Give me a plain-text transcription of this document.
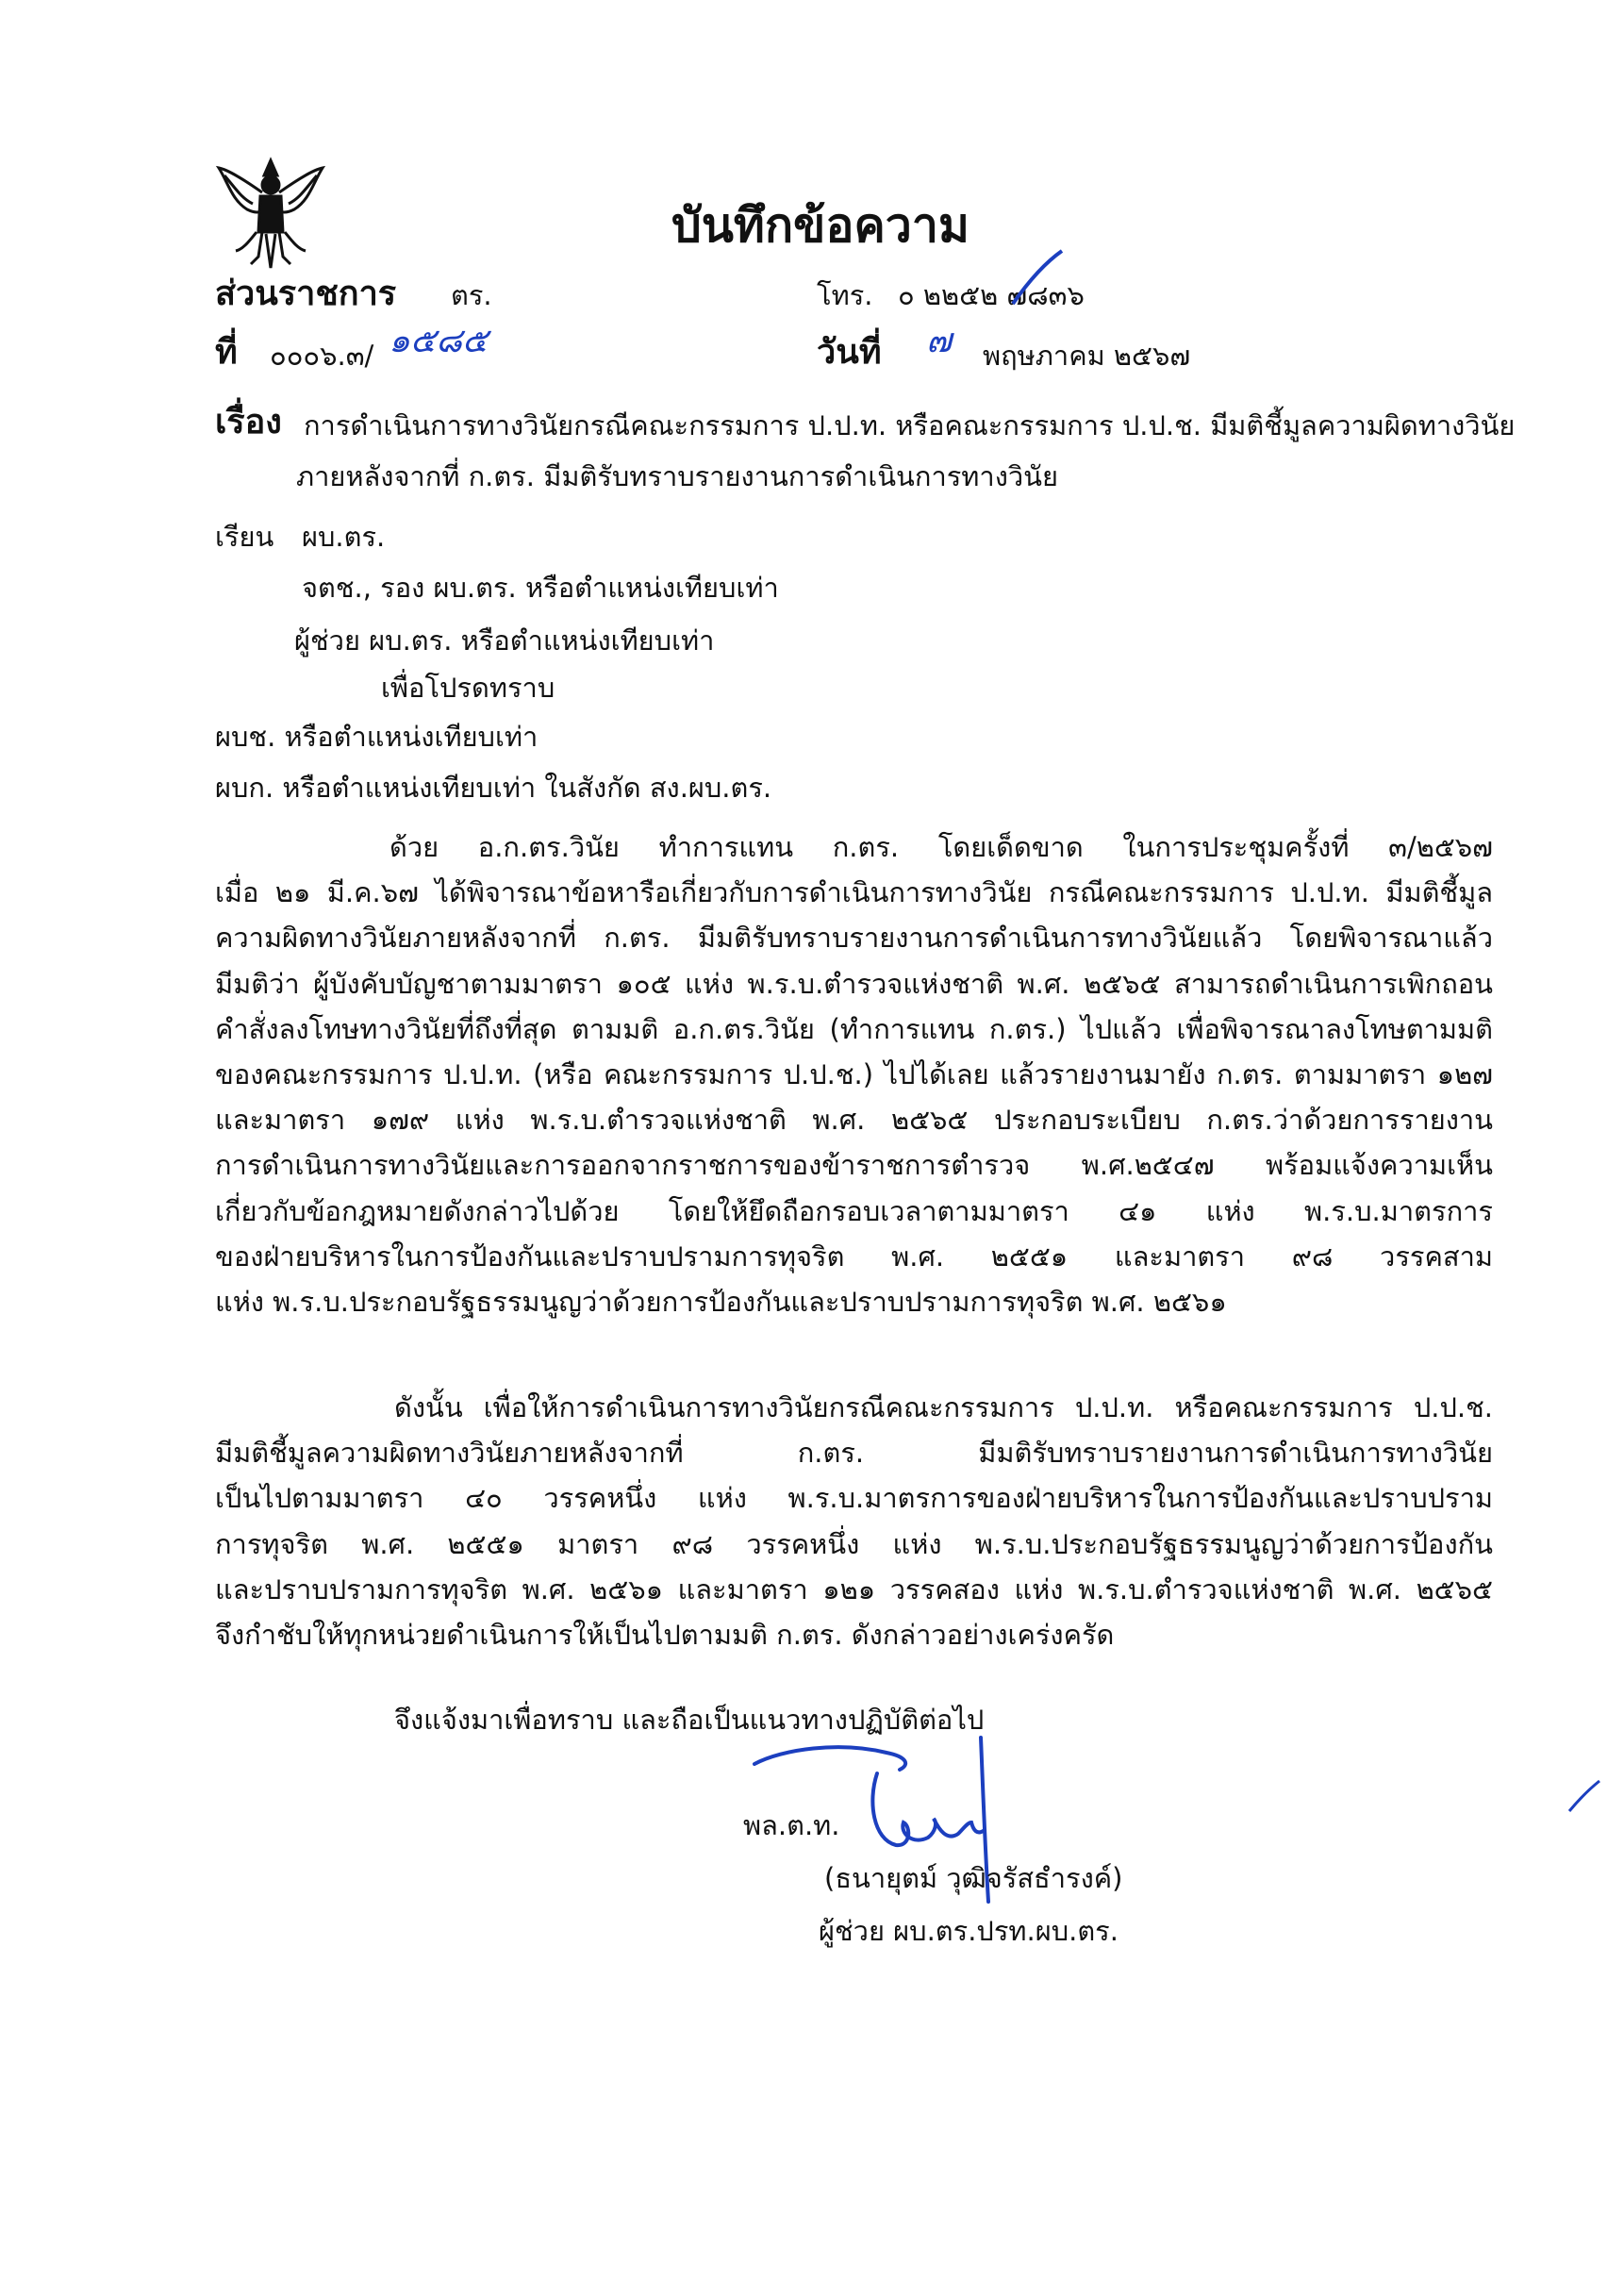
บันทึกข้อความ
ส่วนราชการ ตร.	โทร. ๐ ๒๒๕๒ ๗๘๓๖
ที่ ๐๐๐๖.๓/ ๑๕๘๕	วันที่ ๗ พฤษภาคม ๒๕๖๗
เรื่อง การดำเนินการทางวินัยกรณีคณะกรรมการ ป.ป.ท. หรือคณะกรรมการ ป.ป.ช. มีมติชี้มูลความผิดทางวินัย
ภายหลังจากที่ ก.ตร. มีมติรับทราบรายงานการดำเนินการทางวินัย
เรียน ผบ.ตร.
จตช., รอง ผบ.ตร. หรือตำแหน่งเทียบเท่า
ผู้ช่วย ผบ.ตร. หรือตำแหน่งเทียบเท่า
เพื่อโปรดทราบ
ผบช. หรือตำแหน่งเทียบเท่า
ผบก. หรือตำแหน่งเทียบเท่า ในสังกัด สง.ผบ.ตร.
ด้วย อ.ก.ตร.วินัย ทำการแทน ก.ตร. โดยเด็ดขาด ในการประชุมครั้งที่ ๓/๒๕๖๗
เมื่อ ๒๑ มี.ค.๖๗ ได้พิจารณาข้อหารือเกี่ยวกับการดำเนินการทางวินัย กรณีคณะกรรมการ ป.ป.ท. มีมติชี้มูล
ความผิดทางวินัยภายหลังจากที่ ก.ตร. มีมติรับทราบรายงานการดำเนินการทางวินัยแล้ว โดยพิจารณาแล้ว
มีมติว่า ผู้บังคับบัญชาตามมาตรา ๑๐๕ แห่ง พ.ร.บ.ตำรวจแห่งชาติ พ.ศ. ๒๕๖๕ สามารถดำเนินการเพิกถอน
คำสั่งลงโทษทางวินัยที่ถึงที่สุด ตามมติ อ.ก.ตร.วินัย (ทำการแทน ก.ตร.) ไปแล้ว เพื่อพิจารณาลงโทษตามมติ
ของคณะกรรมการ ป.ป.ท. (หรือ คณะกรรมการ ป.ป.ช.) ไปได้เลย แล้วรายงานมายัง ก.ตร. ตามมาตรา ๑๒๗
และมาตรา ๑๗๙ แห่ง พ.ร.บ.ตำรวจแห่งชาติ พ.ศ. ๒๕๖๕ ประกอบระเบียบ ก.ตร.ว่าด้วยการรายงาน
การดำเนินการทางวินัยและการออกจากราชการของข้าราชการตำรวจ พ.ศ.๒๕๔๗ พร้อมแจ้งความเห็น
เกี่ยวกับข้อกฎหมายดังกล่าวไปด้วย โดยให้ยึดถือกรอบเวลาตามมาตรา ๔๑ แห่ง พ.ร.บ.มาตรการ
ของฝ่ายบริหารในการป้องกันและปราบปรามการทุจริต พ.ศ. ๒๕๕๑ และมาตรา ๙๘ วรรคสาม
แห่ง พ.ร.บ.ประกอบรัฐธรรมนูญว่าด้วยการป้องกันและปราบปรามการทุจริต พ.ศ. ๒๕๖๑
ดังนั้น เพื่อให้การดำเนินการทางวินัยกรณีคณะกรรมการ ป.ป.ท. หรือคณะกรรมการ ป.ป.ช.
มีมติชี้มูลความผิดทางวินัยภายหลังจากที่ ก.ตร. มีมติรับทราบรายงานการดำเนินการทางวินัย
เป็นไปตามมาตรา ๔๐ วรรคหนึ่ง แห่ง พ.ร.บ.มาตรการของฝ่ายบริหารในการป้องกันและปราบปราม
การทุจริต พ.ศ. ๒๕๕๑ มาตรา ๙๘ วรรคหนึ่ง แห่ง พ.ร.บ.ประกอบรัฐธรรมนูญว่าด้วยการป้องกัน
และปราบปรามการทุจริต พ.ศ. ๒๕๖๑ และมาตรา ๑๒๑ วรรคสอง แห่ง พ.ร.บ.ตำรวจแห่งชาติ พ.ศ. ๒๕๖๕
จึงกำชับให้ทุกหน่วยดำเนินการให้เป็นไปตามมติ ก.ตร. ดังกล่าวอย่างเคร่งครัด
จึงแจ้งมาเพื่อทราบ และถือเป็นแนวทางปฏิบัติต่อไป
พล.ต.ท.
(ธนายุตม์ วุฒิจรัสธำรงค์)
ผู้ช่วย ผบ.ตร.ปรท.ผบ.ตร.
